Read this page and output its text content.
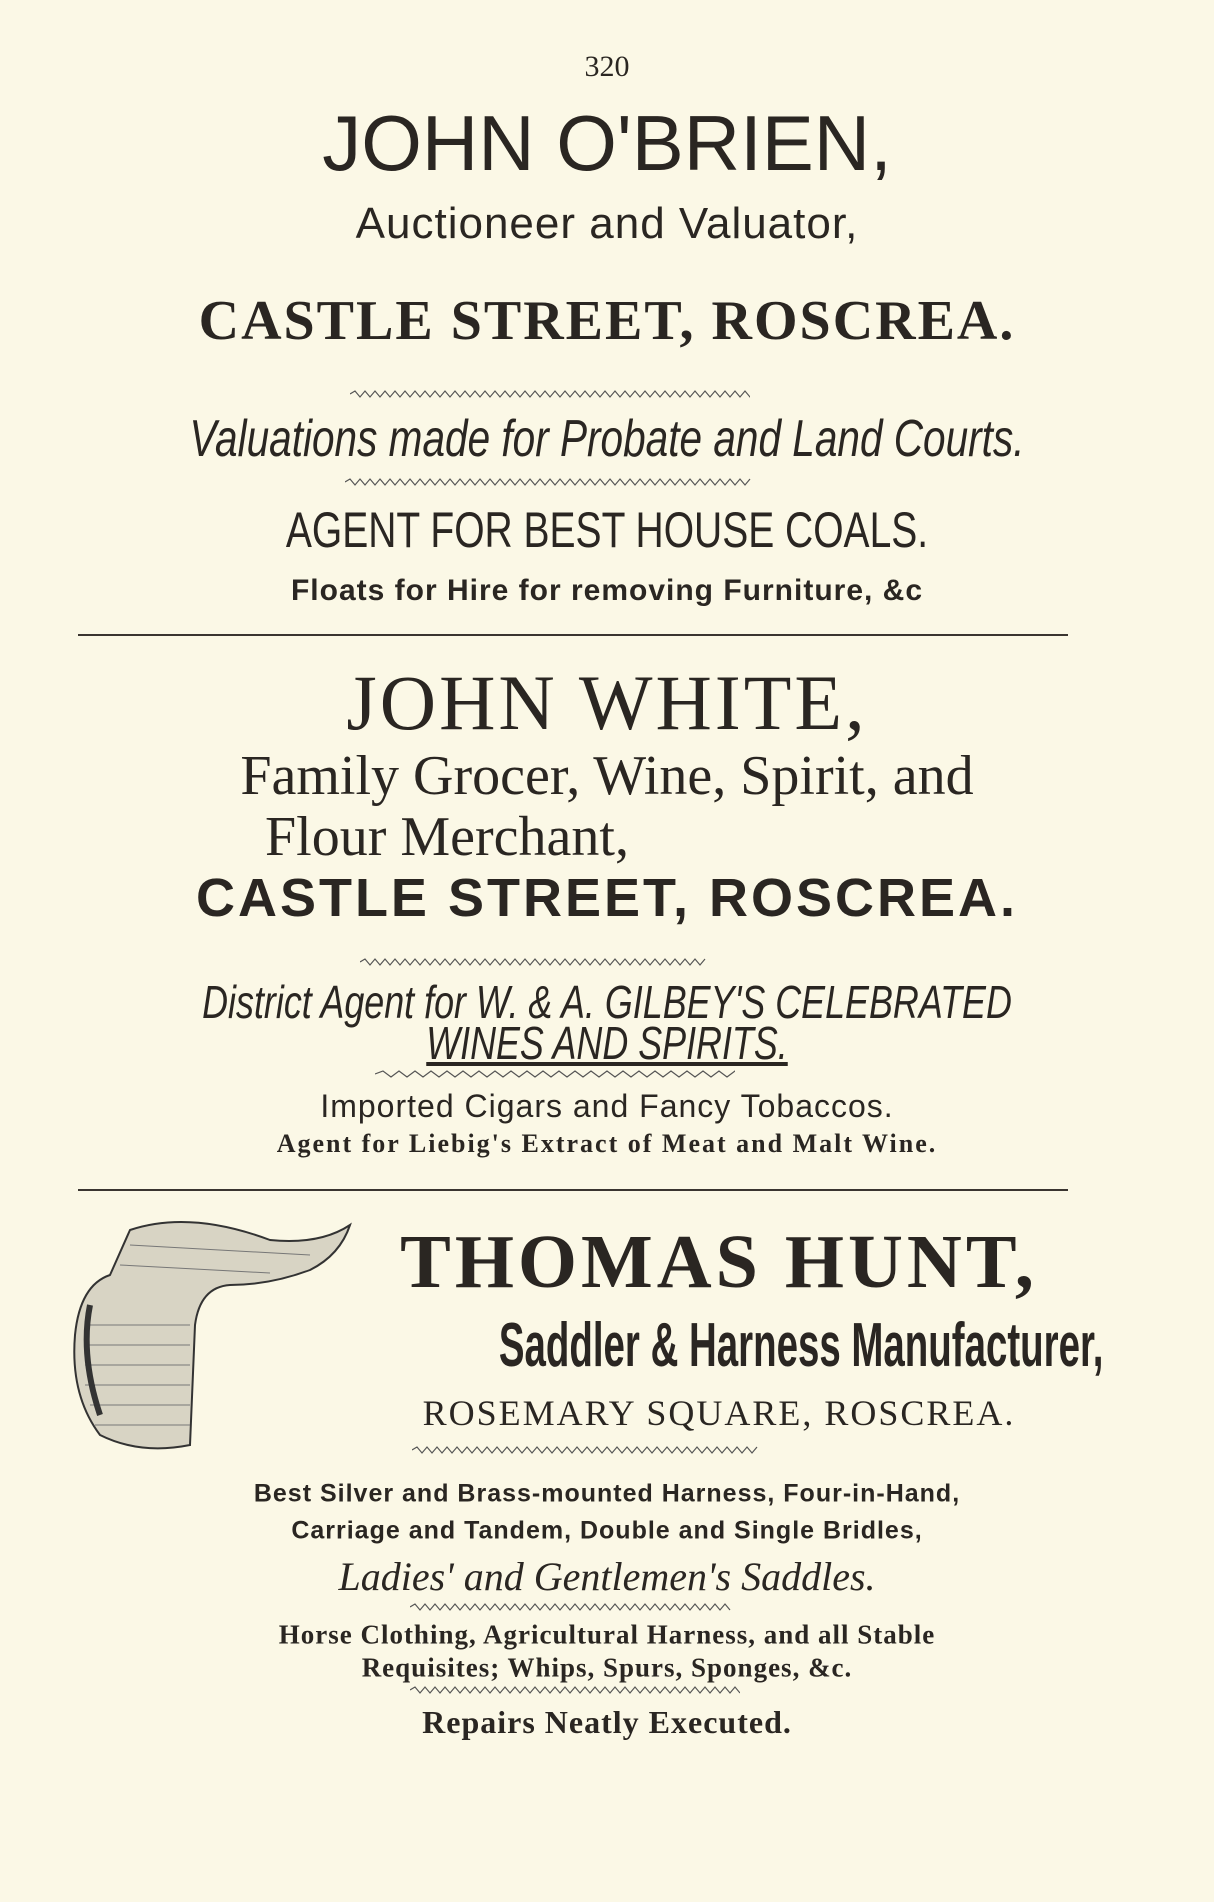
320
JOHN O'BRIEN,
Auctioneer and Valuator,
CASTLE STREET, ROSCREA.
Valuations made for Probate and Land Courts.
AGENT FOR BEST HOUSE COALS.
Floats for Hire for removing Furniture, &c
JOHN WHITE,
Family Grocer, Wine, Spirit, and
Flour Merchant,
CASTLE STREET, ROSCREA.
District Agent for W. & A. GILBEY'S CELEBRATED
WINES AND SPIRITS.
Imported Cigars and Fancy Tobaccos.
Agent for Liebig's Extract of Meat and Malt Wine.
THOMAS HUNT,
Saddler & Harness Manufacturer,
ROSEMARY SQUARE, ROSCREA.
Best Silver and Brass-mounted Harness, Four-in-Hand,
Carriage and Tandem, Double and Single Bridles,
Ladies' and Gentlemen's Saddles.
Horse Clothing, Agricultural Harness, and all Stable
Requisites; Whips, Spurs, Sponges, &c.
Repairs Neatly Executed.
